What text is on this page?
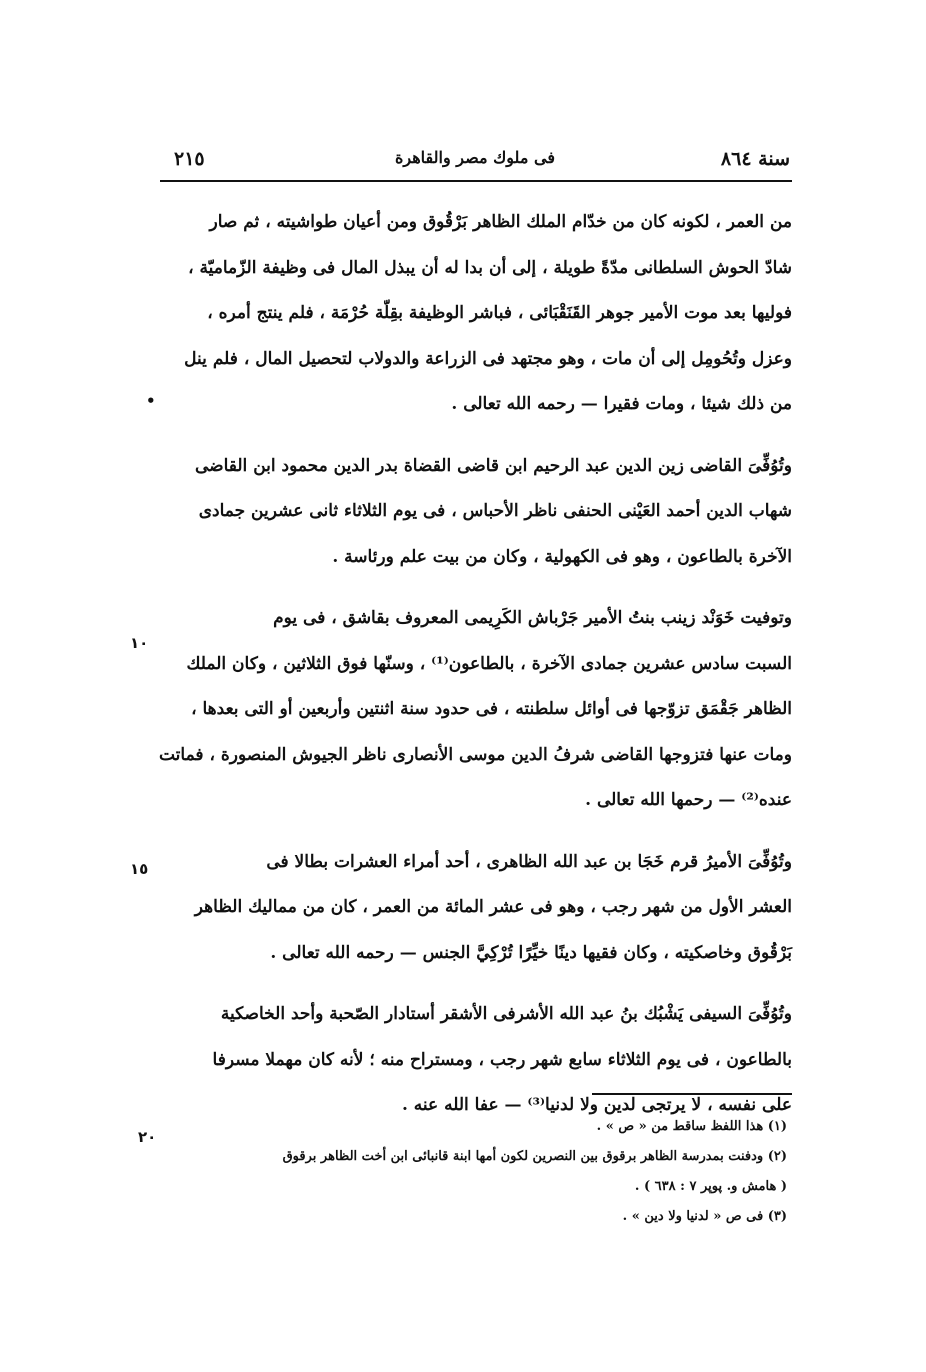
سنة ٨٦٤
فى ملوك مصر والقاهرة
٢١٥

من العمر ، لكونه كان من خدّام الملك الظاهر بَرْقُوق ومن أعيان طواشيته ، ثم صار
شادّ الحوش السلطانى مدّةً طويلة ، إلى أن بدا له أن يبذل المال فى وظيفة الزّماميّة ،
فوليها بعد موت الأمير جوهر القَنَقْبَائى ، فباشر الوظيفة بقِلّة حُرْمَة ، فلم ينتج أمره ،
وعزل وتُحُومِل إلى أن مات ، وهو مجتهد فى الزراعة والدولاب لتحصيل المال ، فلم ينل
من ذلك شيئا ، ومات فقيرا — رحمه الله تعالى .

وتُوُفِّىَ القاضى زين الدين عبد الرحيم ابن قاضى القضاة بدر الدين محمود ابن القاضى
شهاب الدين أحمد العَيْنى الحنفى ناظر الأحباس ، فى يوم الثلاثاء ثانى عشرين جمادى
الآخرة بالطاعون ، وهو فى الكهولية ، وكان من بيت علم ورئاسة .

وتوفيت خَوَنْد زينب بنتُ الأمير جَرْباش الكَرِيمى المعروف بقاشق ، فى يوم
السبت سادس عشرين جمادى الآخرة ، بالطاعون⁽¹⁾ ، وسنّها فوق الثلاثين ، وكان الملك
الظاهر جَقْمَق تزوّجها فى أوائل سلطنته ، فى حدود سنة اثنتين وأربعين أو التى بعدها ،
ومات عنها فتزوجها القاضى شرفُ الدين موسى الأنصارى ناظر الجيوش المنصورة ، فماتت
عنده⁽²⁾ — رحمها الله تعالى .

وتُوُفِّىَ الأميرُ قرم خَجَا بن عبد الله الظاهرى ، أحد أمراء العشرات بطالا فى
العشر الأول من شهر رجب ، وهو فى عشر المائة من العمر ، كان من مماليك الظاهر
بَرْقُوق وخاصكيته ، وكان فقيها دينًا خيِّرًا تُرْكِيَّ الجنس — رحمه الله تعالى .

وتُوُفِّىَ السيفى يَشْبُك بنُ عبد الله الأشرفى الأشقر أستادار الصّحبة وأحد الخاصكية
بالطاعون ، فى يوم الثلاثاء سابع شهر رجب ، ومستراح منه ؛ لأنه كان مهملا مسرفا
على نفسه ، لا يرتجى لدين ولا لدنيا⁽³⁾ — عفا الله عنه .

•
١٠
١٥
٢٠
(١) هذا اللفظ ساقط من « ص » .
(٢) ودفنت بمدرسة الظاهر برقوق بين النصرين لكون أمها ابنة قانبائى ابن أخت الظاهر برقوق
( هامش و. پوپر ٧ : ٦٣٨ ) .
(٣) فى ص « لدنيا ولا دين » .
